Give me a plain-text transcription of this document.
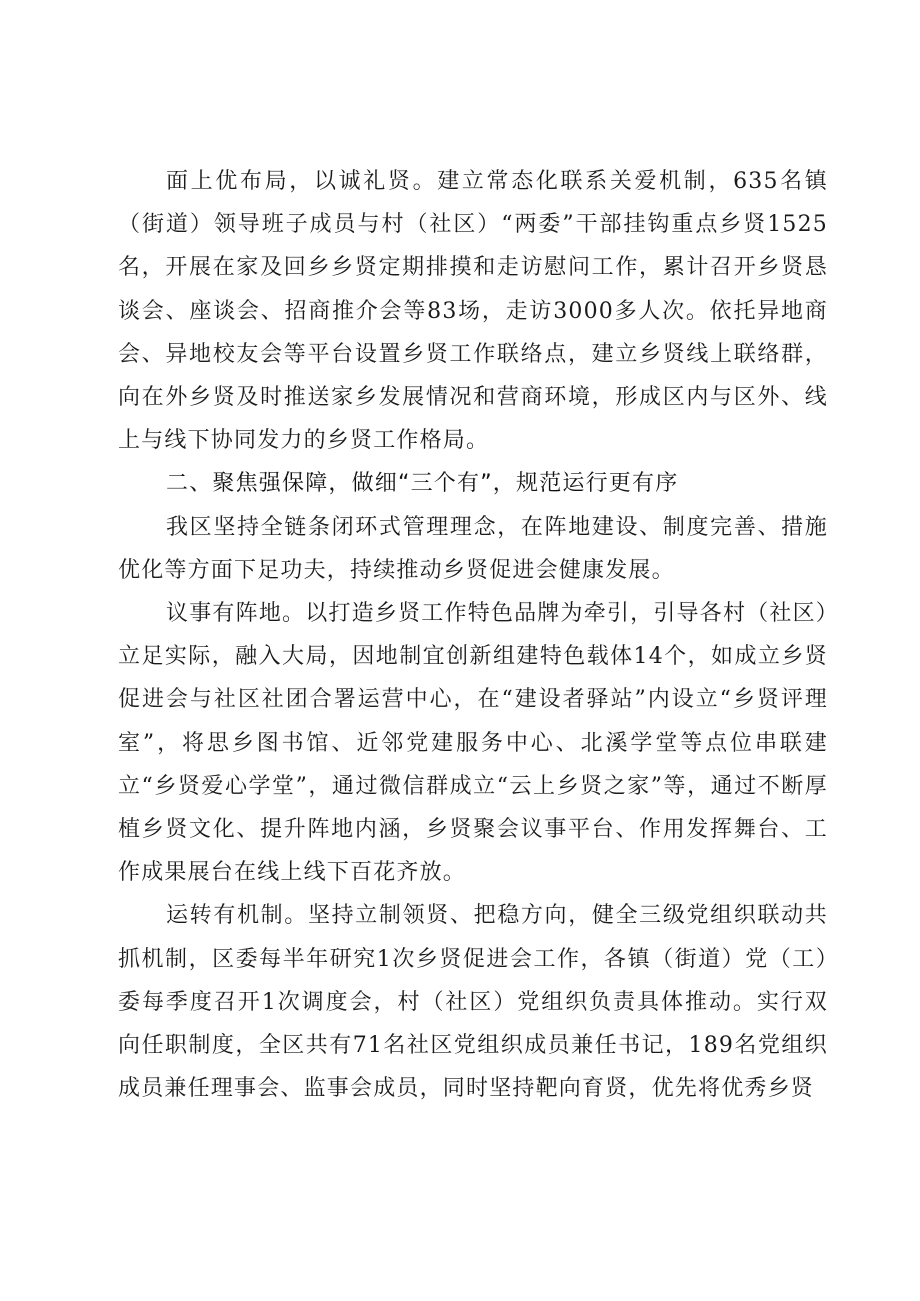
面上优布局，以诚礼贤。建立常态化联系关爱机制，635名镇（街道）领导班子成员与村（社区）“两委”干部挂钩重点乡贤1525名，开展在家及回乡乡贤定期排摸和走访慰问工作，累计召开乡贤恳谈会、座谈会、招商推介会等83场，走访3000多人次。依托异地商会、异地校友会等平台设置乡贤工作联络点，建立乡贤线上联络群，向在外乡贤及时推送家乡发展情况和营商环境，形成区内与区外、线上与线下协同发力的乡贤工作格局。

二、聚焦强保障，做细“三个有”，规范运行更有序

我区坚持全链条闭环式管理理念，在阵地建设、制度完善、措施优化等方面下足功夫，持续推动乡贤促进会健康发展。

议事有阵地。以打造乡贤工作特色品牌为牵引，引导各村（社区）立足实际，融入大局，因地制宜创新组建特色载体14个，如成立乡贤促进会与社区社团合署运营中心，在“建设者驿站”内设立“乡贤评理室”，将思乡图书馆、近邻党建服务中心、北溪学堂等点位串联建立“乡贤爱心学堂”，通过微信群成立“云上乡贤之家”等，通过不断厚植乡贤文化、提升阵地内涵，乡贤聚会议事平台、作用发挥舞台、工作成果展台在线上线下百花齐放。

运转有机制。坚持立制领贤、把稳方向，健全三级党组织联动共抓机制，区委每半年研究1次乡贤促进会工作，各镇（街道）党（工）委每季度召开1次调度会，村（社区）党组织负责具体推动。实行双向任职制度，全区共有71名社区党组织成员兼任书记，189名党组织成员兼任理事会、监事会成员，同时坚持靶向育贤，优先将优秀乡贤
